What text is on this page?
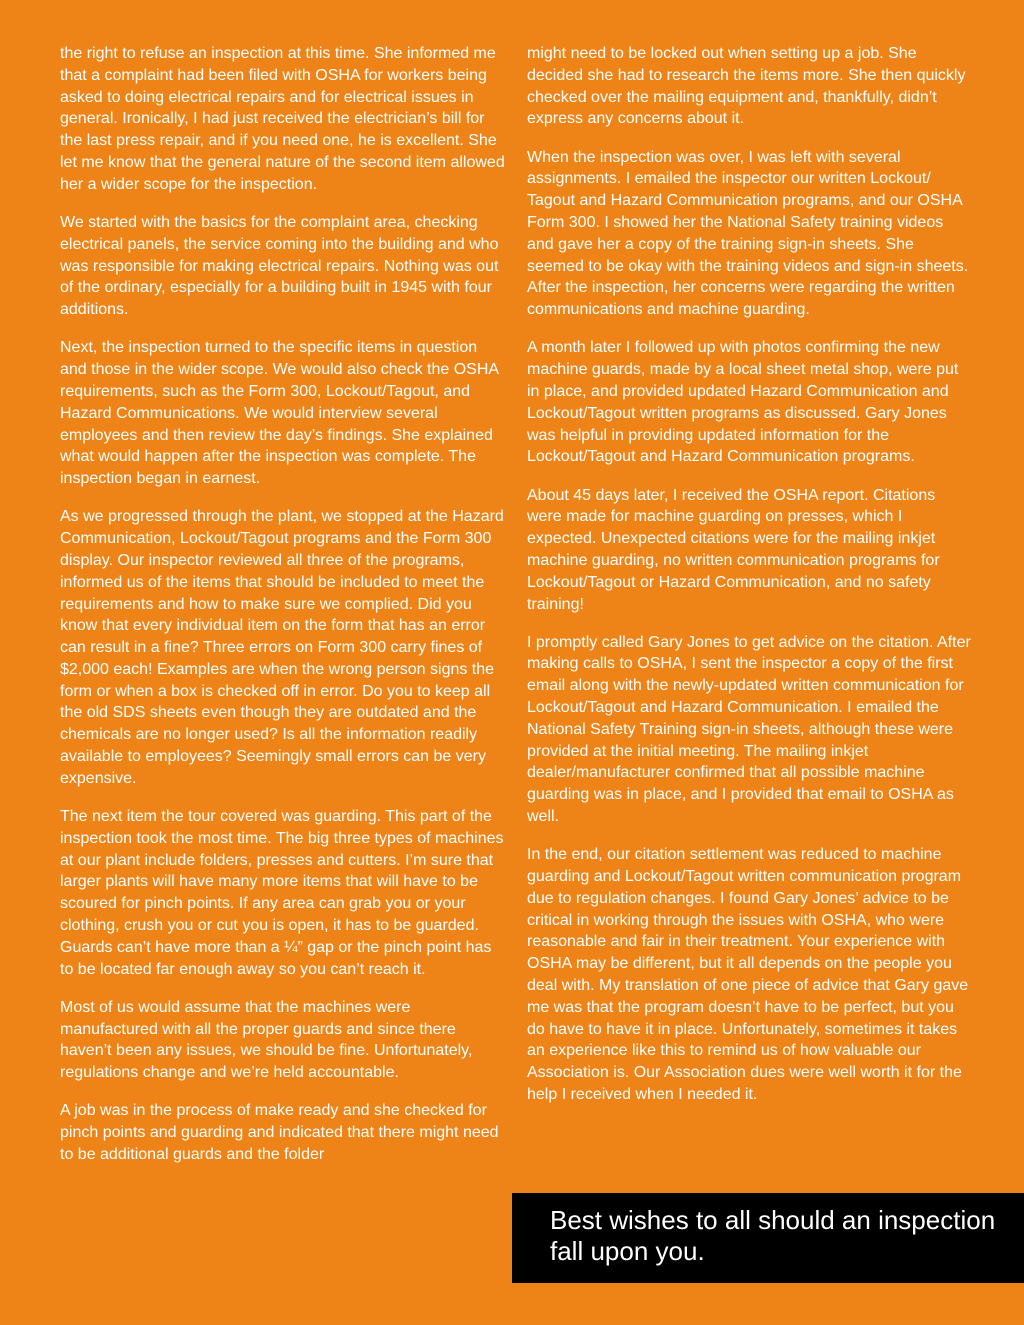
the right to refuse an inspection at this time. She informed me that a complaint had been filed with OSHA for workers being asked to doing electrical repairs and for electrical issues in general. Ironically, I had just received the electrician’s bill for the last press repair, and if you need one, he is excellent. She let me know that the general nature of the second item allowed her a wider scope for the inspection.

We started with the basics for the complaint area, checking electrical panels, the service coming into the building and who was responsible for making electrical repairs. Nothing was out of the ordinary, especially for a building built in 1945 with four additions.

Next, the inspection turned to the specific items in question and those in the wider scope. We would also check the OSHA requirements, such as the Form 300, Lockout/Tagout, and Hazard Communications. We would interview several employees and then review the day’s findings. She explained what would happen after the inspection was complete. The inspection began in earnest.

As we progressed through the plant, we stopped at the Hazard Communication, Lockout/Tagout programs and the Form 300 display. Our inspector reviewed all three of the programs, informed us of the items that should be included to meet the requirements and how to make sure we complied. Did you know that every individual item on the form that has an error can result in a fine? Three errors on Form 300 carry fines of $2,000 each! Examples are when the wrong person signs the form or when a box is checked off in error. Do you to keep all the old SDS sheets even though they are outdated and the chemicals are no longer used? Is all the information readily available to employees? Seemingly small errors can be very expensive.

The next item the tour covered was guarding. This part of the inspection took the most time. The big three types of machines at our plant include folders, presses and cutters. I’m sure that larger plants will have many more items that will have to be scoured for pinch points. If any area can grab you or your clothing, crush you or cut you is open, it has to be guarded. Guards can’t have more than a ¼” gap or the pinch point has to be located far enough away so you can’t reach it.

Most of us would assume that the machines were manufactured with all the proper guards and since there haven’t been any issues, we should be fine. Unfortunately, regulations change and we’re held accountable.

A job was in the process of make ready and she checked for pinch points and guarding and indicated that there might need to be additional guards and the folder

might need to be locked out when setting up a job. She decided she had to research the items more. She then quickly checked over the mailing equipment and, thankfully, didn’t express any concerns about it.

When the inspection was over, I was left with several assignments. I emailed the inspector our written Lockout/ Tagout and Hazard Communication programs, and our OSHA Form 300. I showed her the National Safety training videos and gave her a copy of the training sign-in sheets. She seemed to be okay with the training videos and sign-in sheets. After the inspection, her concerns were regarding the written communications and machine guarding.

A month later I followed up with photos confirming the new machine guards, made by a local sheet metal shop, were put in place, and provided updated Hazard Communication and Lockout/Tagout written programs as discussed. Gary Jones was helpful in providing updated information for the Lockout/Tagout and Hazard Communication programs.

About 45 days later, I received the OSHA report. Citations were made for machine guarding on presses, which I expected. Unexpected citations were for the mailing inkjet machine guarding, no written communication programs for Lockout/Tagout or Hazard Communication, and no safety training!

I promptly called Gary Jones to get advice on the citation. After making calls to OSHA, I sent the inspector a copy of the first email along with the newly-updated written communication for Lockout/Tagout and Hazard Communication. I emailed the National Safety Training sign-in sheets, although these were provided at the initial meeting. The mailing inkjet dealer/manufacturer confirmed that all possible machine guarding was in place, and I provided that email to OSHA as well.

In the end, our citation settlement was reduced to machine guarding and Lockout/Tagout written communication program due to regulation changes. I found Gary Jones’ advice to be critical in working through the issues with OSHA, who were reasonable and fair in their treatment. Your experience with OSHA may be different, but it all depends on the people you deal with. My translation of one piece of advice that Gary gave me was that the program doesn’t have to be perfect, but you do have to have it in place. Unfortunately, sometimes it takes an experience like this to remind us of how valuable our Association is. Our Association dues were well worth it for the help I received when I needed it.

Best wishes to all should an inspection fall upon you.
